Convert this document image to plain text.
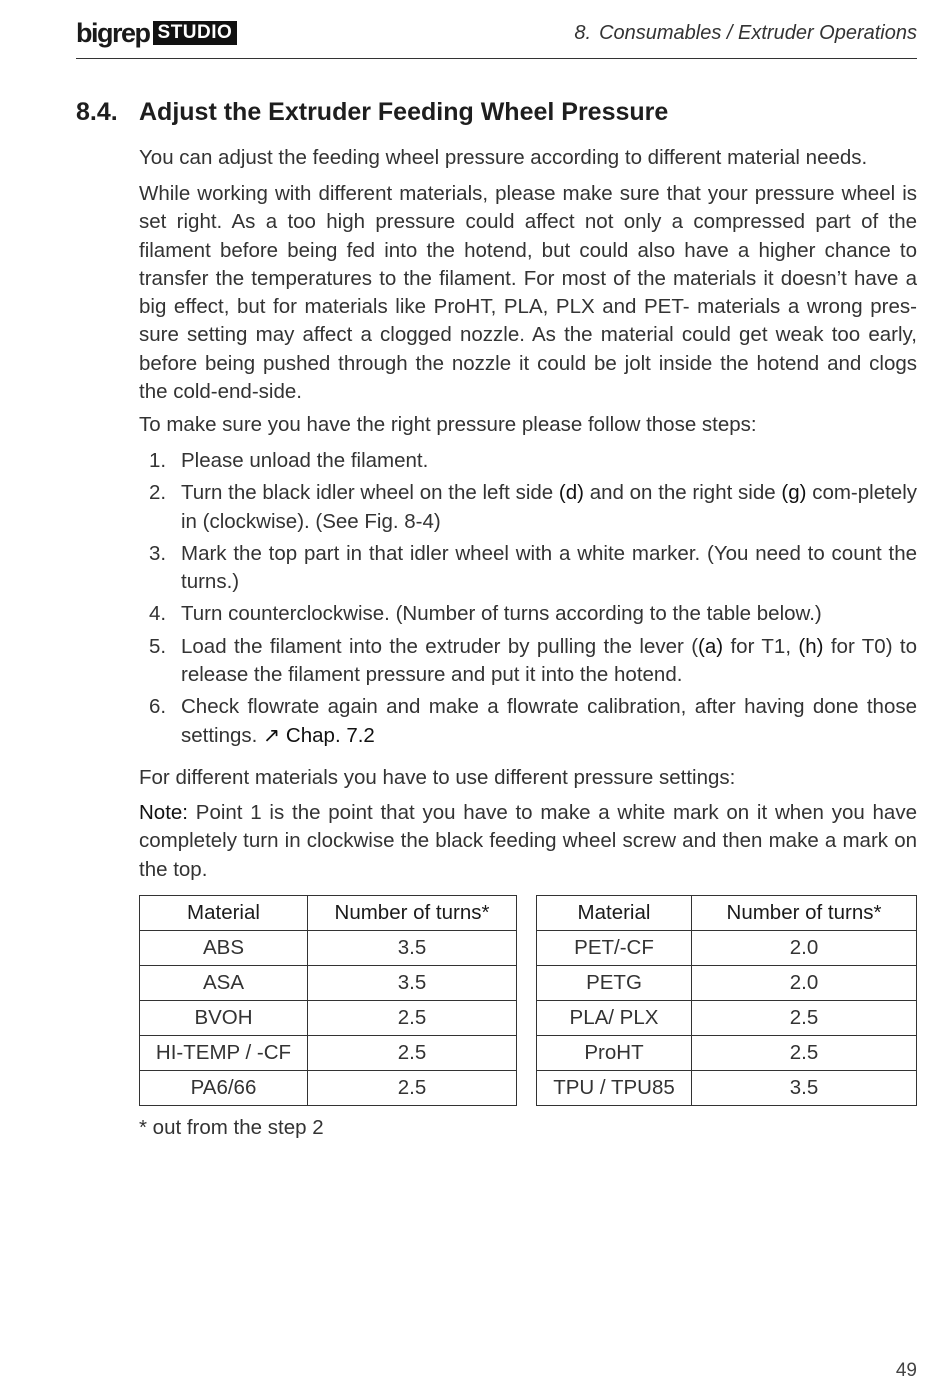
bigrep STUDIO	8. Consumables / Extruder Operations
8.4. Adjust the Extruder Feeding Wheel Pressure

You can adjust the feeding wheel pressure according to different material needs.

While working with different materials, please make sure that your pressure wheel is set right. As a too high pressure could affect not only a compressed part of the filament before being fed into the hotend, but could also have a higher chance to transfer the temperatures to the filament. For most of the materials it doesn’t have a big effect, but for materials like ProHT, PLA, PLX and PET- materials a wrong pres-sure setting may affect a clogged nozzle. As the material could get weak too early, before being pushed through the nozzle it could be jolt inside the hotend and clogs the cold-end-side.

To make sure you have the right pressure please follow those steps:

1. Please unload the filament.
2. Turn the black idler wheel on the left side (d) and on the right side (g) com-pletely in (clockwise). (See Fig. 8-4)
3. Mark the top part in that idler wheel with a white marker. (You need to count the turns.)
4. Turn counterclockwise. (Number of turns according to the table below.)
5. Load the filament into the extruder by pulling the lever ((a) for T1, (h) for T0) to release the filament pressure and put it into the hotend.
6. Check flowrate again and make a flowrate calibration, after having done those settings. ↗ Chap. 7.2

For different materials you have to use different pressure settings:

Note: Point 1 is the point that you have to make a white mark on it when you have completely turn in clockwise the black feeding wheel screw and then make a mark on the top.

Material	Number of turns*
ABS	3.5
ASA	3.5
BVOH	2.5
HI-TEMP / -CF	2.5
PA6/66	2.5
Material	Number of turns*
PET/-CF	2.0
PETG	2.0
PLA/ PLX	2.5
ProHT	2.5
TPU / TPU85	3.5
* out from the step 2
49
